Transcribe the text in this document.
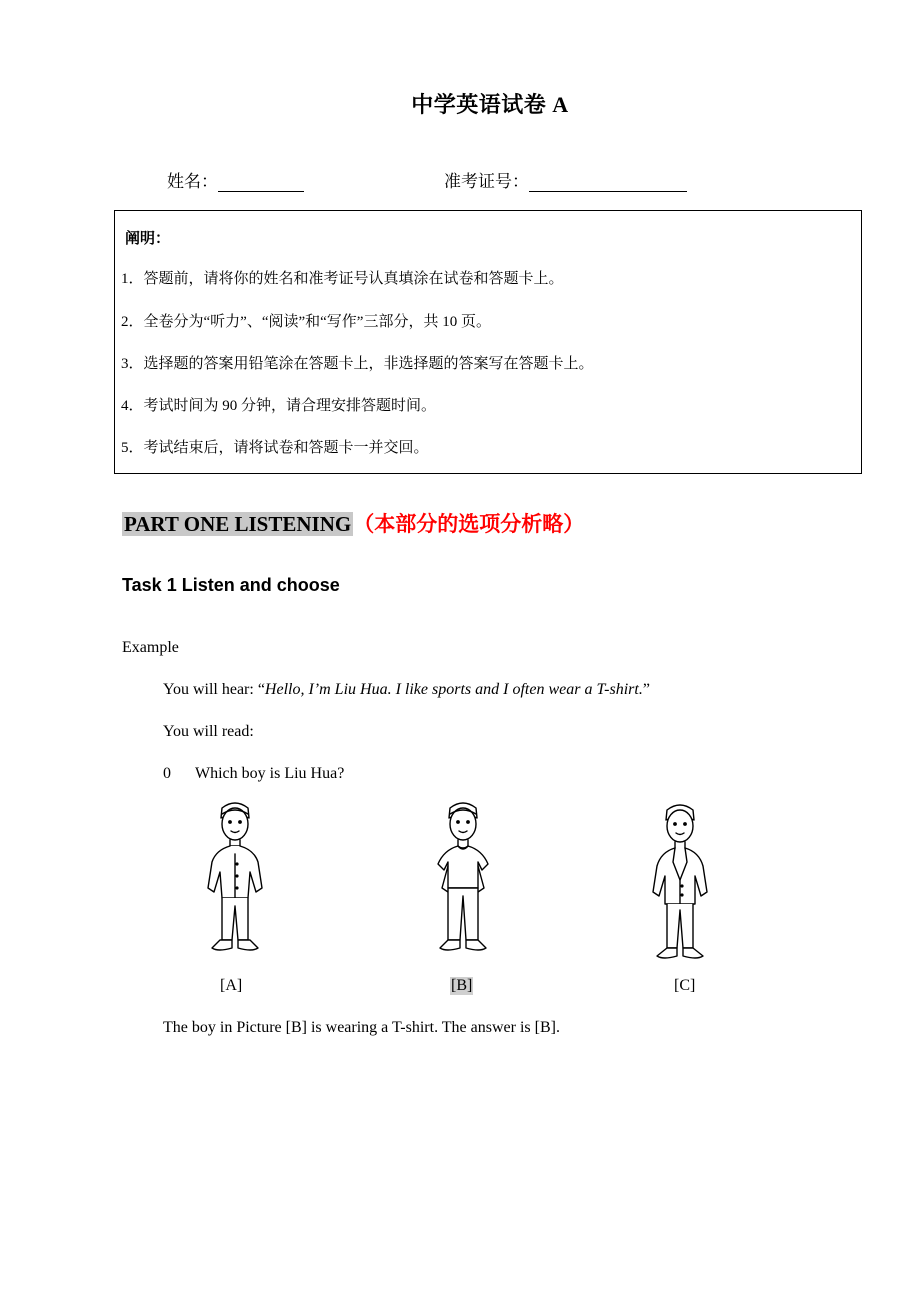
中学英语试卷 A
姓名：	准考证号：
阐明：
1．答题前，请将你的姓名和准考证号认真填涂在试卷和答题卡上。
2．全卷分为“听力”、“阅读”和“写作”三部分，共 10 页。
3．选择题的答案用铅笔涂在答题卡上，非选择题的答案写在答题卡上。
4．考试时间为 90 分钟，请合理安排答题时间。
5．考试结束后，请将试卷和答题卡一并交回。
PART ONE LISTENING（本部分的选项分析略）
Task 1 Listen and choose
Example
You will hear: “Hello, I’m Liu Hua. I like sports and I often wear a T-shirt.”
You will read:
0 Which boy is Liu Hua?
[A]	[B]	[C]
The boy in Picture [B] is wearing a T-shirt. The answer is [B].
